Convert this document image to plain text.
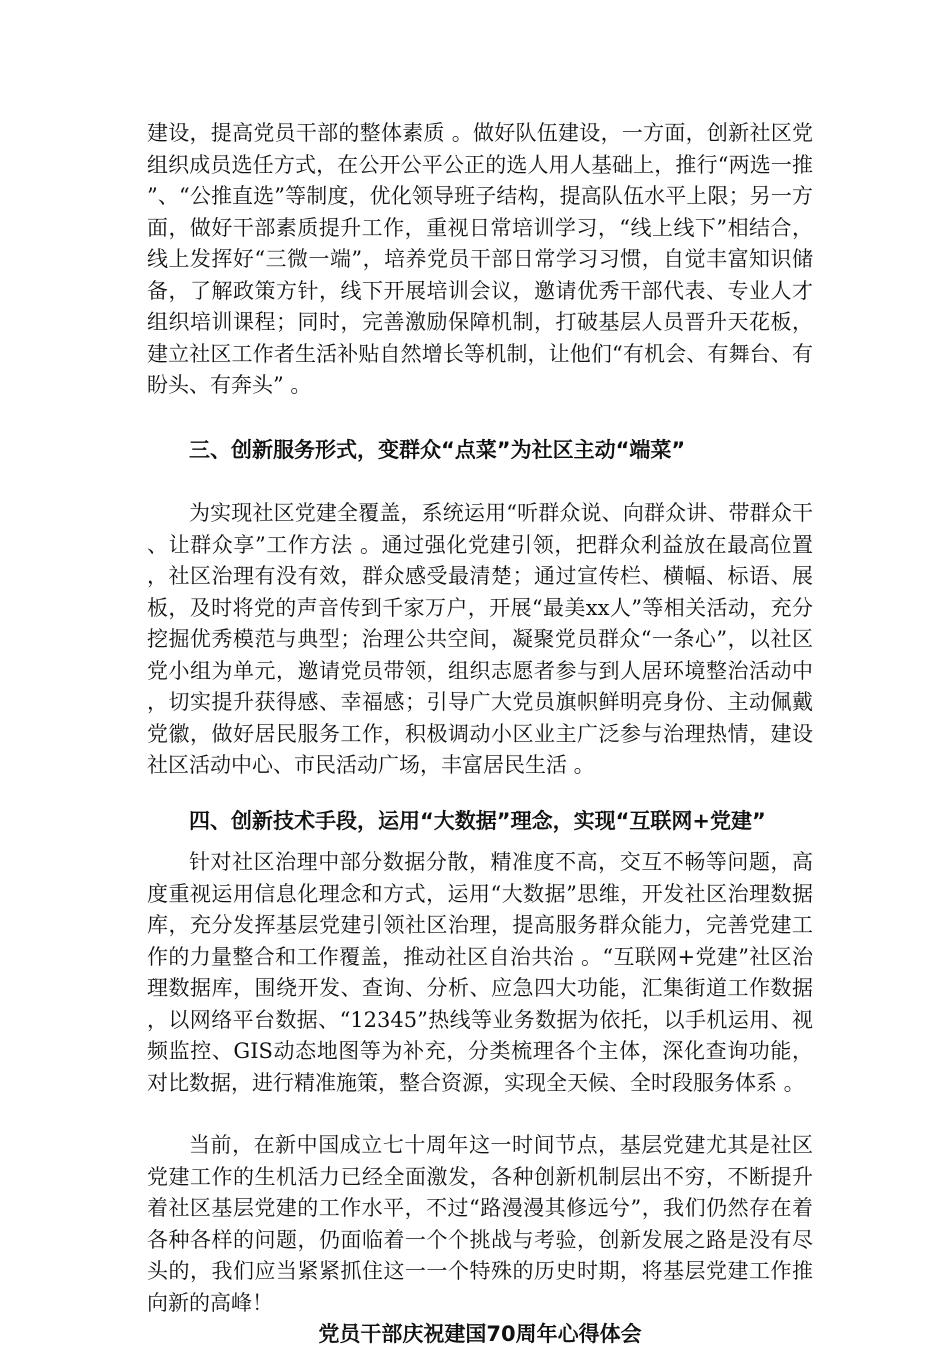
建设，提高党员干部的整体素质 。做好队伍建设，一方面，创新社区党组织成员选任方式，在公开公平公正的选人用人基础上，推行“两选一推”、“公推直选”等制度，优化领导班子结构，提高队伍水平上限；另一方面，做好干部素质提升工作，重视日常培训学习，“线上线下”相结合，线上发挥好“三微一端”，培养党员干部日常学习习惯，自觉丰富知识储备，了解政策方针，线下开展培训会议，邀请优秀干部代表、专业人才组织培训课程；同时，完善激励保障机制，打破基层人员晋升天花板，建立社区工作者生活补贴自然增长等机制，让他们“有机会、有舞台、有盼头、有奔头” 。

三、创新服务形式，变群众“点菜”为社区主动“端菜”

为实现社区党建全覆盖，系统运用“听群众说、向群众讲、带群众干、让群众享”工作方法 。通过强化党建引领，把群众利益放在最高位置，社区治理有没有效，群众感受最清楚；通过宣传栏、横幅、标语、展板，及时将党的声音传到千家万户，开展“最美xx人”等相关活动，充分挖掘优秀模范与典型；治理公共空间，凝聚党员群众“一条心”，以社区党小组为单元，邀请党员带领，组织志愿者参与到人居环境整治活动中，切实提升获得感、幸福感；引导广大党员旗帜鲜明亮身份、主动佩戴党徽，做好居民服务工作，积极调动小区业主广泛参与治理热情，建设社区活动中心、市民活动广场，丰富居民生活 。

四、创新技术手段，运用“大数据”理念，实现“互联网+党建”

针对社区治理中部分数据分散，精准度不高，交互不畅等问题，高度重视运用信息化理念和方式，运用“大数据”思维，开发社区治理数据库，充分发挥基层党建引领社区治理，提高服务群众能力，完善党建工作的力量整合和工作覆盖，推动社区自治共治 。“互联网+党建”社区治理数据库，围绕开发、查询、分析、应急四大功能，汇集街道工作数据，以网络平台数据、“12345”热线等业务数据为依托，以手机运用、视频监控、GIS动态地图等为补充，分类梳理各个主体，深化查询功能，对比数据，进行精准施策，整合资源，实现全天候、全时段服务体系 。

当前，在新中国成立七十周年这一时间节点，基层党建尤其是社区党建工作的生机活力已经全面激发，各种创新机制层出不穷，不断提升着社区基层党建的工作水平，不过“路漫漫其修远兮”，我们仍然存在着各种各样的问题，仍面临着一个个挑战与考验，创新发展之路是没有尽头的，我们应当紧紧抓住这一一个特殊的历史时期，将基层党建工作推向新的高峰！

党员干部庆祝建国70周年心得体会
